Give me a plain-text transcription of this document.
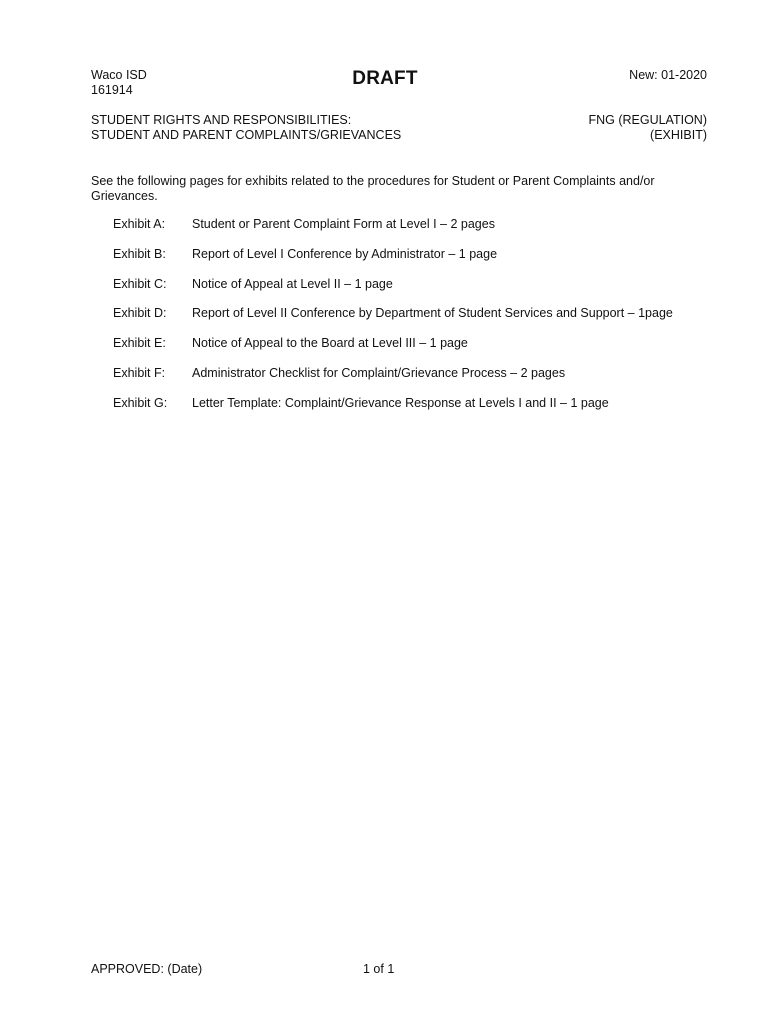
Waco ISD
161914
DRAFT	New: 01-2020
STUDENT RIGHTS AND RESPONSIBILITIES:
STUDENT AND PARENT COMPLAINTS/GRIEVANCES
FNG (REGULATION)
(EXHIBIT)
See the following pages for exhibits related to the procedures for Student or Parent Complaints and/or Grievances.
Exhibit A: Student or Parent Complaint Form at Level I – 2 pages
Exhibit B: Report of Level I Conference by Administrator – 1 page
Exhibit C: Notice of Appeal at Level II – 1 page
Exhibit D: Report of Level II Conference by Department of Student Services and Support – 1page
Exhibit E: Notice of Appeal to the Board at Level III – 1 page
Exhibit F: Administrator Checklist for Complaint/Grievance Process – 2 pages
Exhibit G: Letter Template: Complaint/Grievance Response at Levels I and II – 1 page
APPROVED: (Date)	1 of 1
